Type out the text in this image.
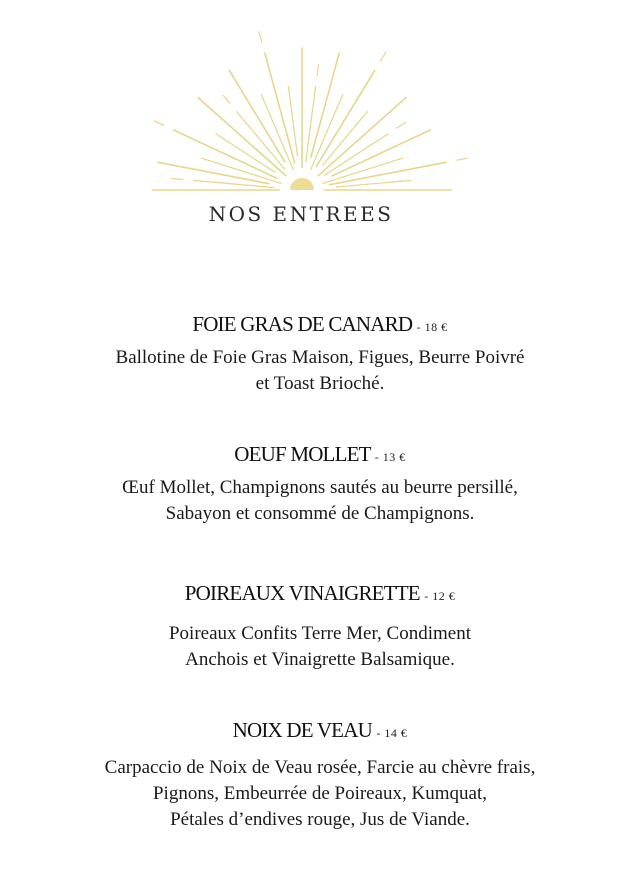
NOS ENTREES
FOIE GRAS DE CANARD - 18 €
Ballotine de Foie Gras Maison, Figues, Beurre Poivré
et Toast Brioché.
OEUF MOLLET - 13 €
Œuf Mollet, Champignons sautés au beurre persillé,
Sabayon et consommé de Champignons.
POIREAUX VINAIGRETTE - 12 €
Poireaux Confits Terre Mer, Condiment
Anchois et Vinaigrette Balsamique.
NOIX DE VEAU - 14 €
Carpaccio de Noix de Veau rosée, Farcie au chèvre frais,
Pignons, Embeurrée de Poireaux, Kumquat,
Pétales d’endives rouge, Jus de Viande.
